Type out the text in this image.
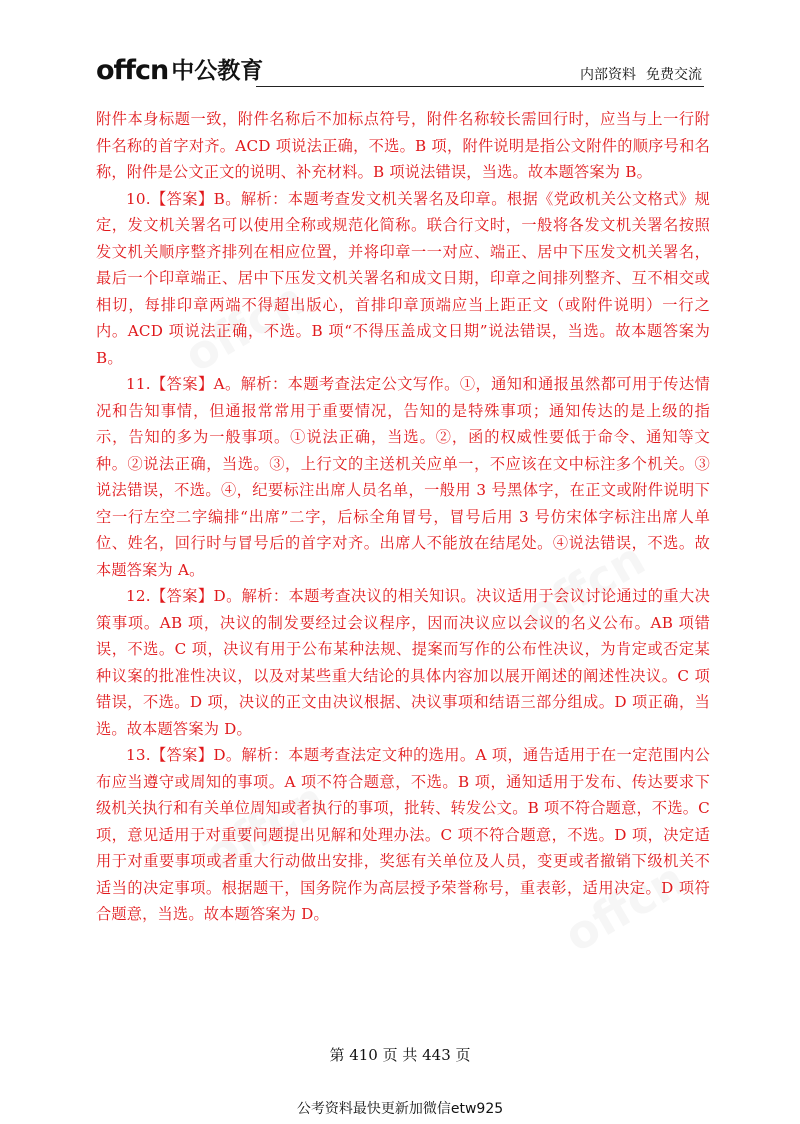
offcn
offcn
offcn
offcn
offcn 中公教育	内部资料 免费交流

附件本身标题一致，附件名称后不加标点符号，附件名称较长需回行时，应当与上一行附件名称的首字对齐。ACD 项说法正确，不选。B 项，附件说明是指公文附件的顺序号和名称，附件是公文正文的说明、补充材料。B 项说法错误，当选。故本题答案为 B。

10.【答案】B。解析：本题考查发文机关署名及印章。根据《党政机关公文格式》规定，发文机关署名可以使用全称或规范化简称。联合行文时，一般将各发文机关署名按照发文机关顺序整齐排列在相应位置，并将印章一一对应、端正、居中下压发文机关署名，最后一个印章端正、居中下压发文机关署名和成文日期，印章之间排列整齐、互不相交或相切，每排印章两端不得超出版心，首排印章顶端应当上距正文（或附件说明）一行之内。ACD 项说法正确，不选。B 项“不得压盖成文日期”说法错误，当选。故本题答案为 B。

11.【答案】A。解析：本题考查法定公文写作。①，通知和通报虽然都可用于传达情况和告知事情，但通报常常用于重要情况，告知的是特殊事项；通知传达的是上级的指示，告知的多为一般事项。①说法正确，当选。②，函的权威性要低于命令、通知等文种。②说法正确，当选。③，上行文的主送机关应单一，不应该在文中标注多个机关。③说法错误，不选。④，纪要标注出席人员名单，一般用 3 号黑体字，在正文或附件说明下空一行左空二字编排“出席”二字，后标全角冒号，冒号后用 3 号仿宋体字标注出席人单位、姓名，回行时与冒号后的首字对齐。出席人不能放在结尾处。④说法错误，不选。故本题答案为 A。

12.【答案】D。解析：本题考查决议的相关知识。决议适用于会议讨论通过的重大决策事项。AB 项，决议的制发要经过会议程序，因而决议应以会议的名义公布。AB 项错误，不选。C 项，决议有用于公布某种法规、提案而写作的公布性决议，为肯定或否定某种议案的批准性决议，以及对某些重大结论的具体内容加以展开阐述的阐述性决议。C 项错误，不选。D 项，决议的正文由决议根据、决议事项和结语三部分组成。D 项正确，当选。故本题答案为 D。

13.【答案】D。解析：本题考查法定文种的选用。A 项，通告适用于在一定范围内公布应当遵守或周知的事项。A 项不符合题意，不选。B 项，通知适用于发布、传达要求下级机关执行和有关单位周知或者执行的事项，批转、转发公文。B 项不符合题意，不选。C 项，意见适用于对重要问题提出见解和处理办法。C 项不符合题意，不选。D 项，决定适用于对重要事项或者重大行动做出安排，奖惩有关单位及人员，变更或者撤销下级机关不适当的决定事项。根据题干，国务院作为高层授予荣誉称号，重表彰，适用决定。D 项符合题意，当选。故本题答案为 D。

第 410 页 共 443 页
公考资料最快更新加微信etw925
